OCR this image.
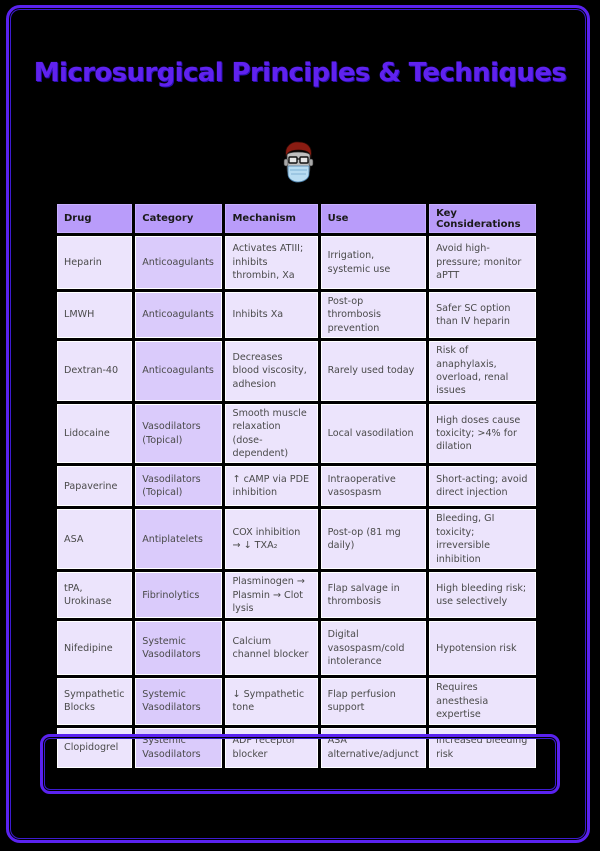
Microsurgical Principles & Techniques
Drug	Category	Mechanism	Use	Key Considerations
Heparin	Anticoagulants	Activates ATIII; inhibits thrombin, Xa	Irrigation, systemic use	Avoid high-pressure; monitor aPTT
LMWH	Anticoagulants	Inhibits Xa	Post-op thrombosis prevention	Safer SC option than IV heparin
Dextran-40	Anticoagulants	Decreases blood viscosity, adhesion	Rarely used today	Risk of anaphylaxis, overload, renal issues
Lidocaine	Vasodilators (Topical)	Smooth muscle relaxation (dose-dependent)	Local vasodilation	High doses cause toxicity; >4% for dilation
Papaverine	Vasodilators (Topical)	↑ cAMP via PDE inhibition	Intraoperative vasospasm	Short-acting; avoid direct injection
ASA	Antiplatelets	COX inhibition → ↓ TXA₂	Post-op (81 mg daily)	Bleeding, GI toxicity; irreversible inhibition
tPA, Urokinase	Fibrinolytics	Plasminogen → Plasmin → Clot lysis	Flap salvage in thrombosis	High bleeding risk; use selectively
Nifedipine	Systemic Vasodilators	Calcium channel blocker	Digital vasospasm/cold intolerance	Hypotension risk
Sympathetic Blocks	Systemic Vasodilators	↓ Sympathetic tone	Flap perfusion support	Requires anesthesia expertise
Clopidogrel	Systemic Vasodilators	ADP receptor blocker	ASA alternative/adjunct	Increased bleeding risk
